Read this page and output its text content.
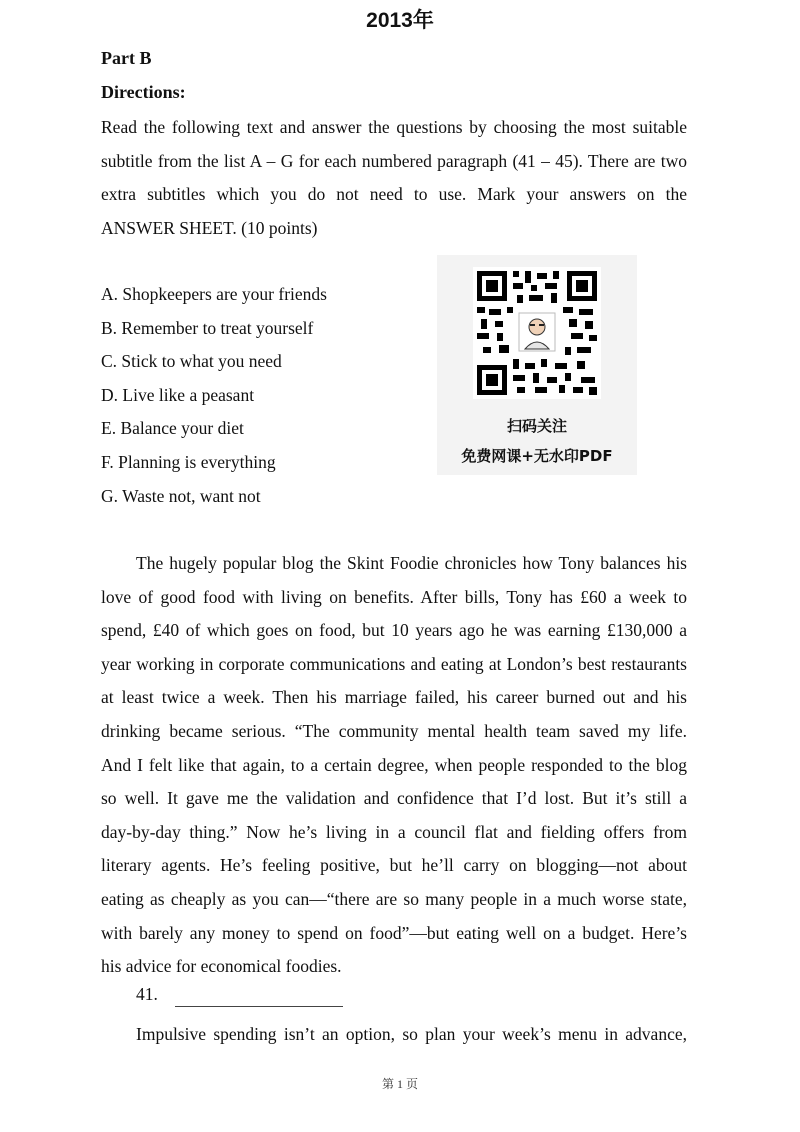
2013年
Part B
Directions:
Read the following text and answer the questions by choosing the most suitable
subtitle from the list A – G for each numbered paragraph (41 – 45). There are two
extra subtitles which you do not need to use. Mark your answers on the
ANSWER SHEET. (10 points)
A. Shopkeepers are your friends
B. Remember to treat yourself
C. Stick to what you need
D. Live like a peasant
E. Balance your diet
F. Planning is everything
G. Waste not, want not
扫码关注
免费网课+无水印PDF
The hugely popular blog the Skint Foodie chronicles how Tony balances his
love of good food with living on benefits. After bills, Tony has £60 a week to
spend, £40 of which goes on food, but 10 years ago he was earning £130,000 a
year working in corporate communications and eating at London’s best restaurants
at least twice a week. Then his marriage failed, his career burned out and his
drinking became serious. “The community mental health team saved my life.
And I felt like that again, to a certain degree, when people responded to the blog
so well. It gave me the validation and confidence that I’d lost. But it’s still a
day-by-day thing.” Now he’s living in a council flat and fielding offers from
literary agents. He’s feeling positive, but he’ll carry on blogging—not about
eating as cheaply as you can—“there are so many people in a much worse state,
with barely any money to spend on food”—but eating well on a budget. Here’s
his advice for economical foodies.
41.
Impulsive spending isn’t an option, so plan your week’s menu in advance,
第 1 页
